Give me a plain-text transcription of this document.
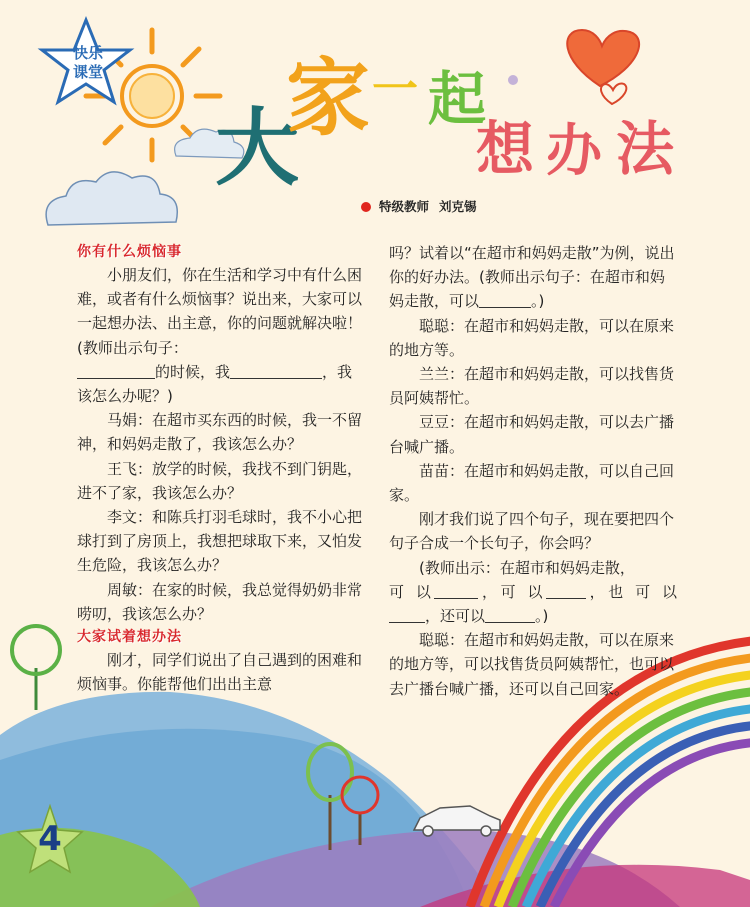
快乐
课堂
大
家 一 起
想 办 法
特级教师 刘克锡
你有什么烦恼事

小朋友们，你在生活和学习中有什么困难，或者有什么烦恼事？说出来，大家可以一起想办法、出主意，你的问题就解决啦！(教师出示句子：

的时候，我	，我

该怎么办呢？)

马娟：在超市买东西的时候，我一不留神，和妈妈走散了，我该怎么办？

王飞：放学的时候，我找不到门钥匙，进不了家，我该怎么办？

李文：和陈兵打羽毛球时，我不小心把球打到了房顶上，我想把球取下来，又怕发生危险，我该怎么办？

周敏：在家的时候，我总觉得奶奶非常唠叨，我该怎么办？

大家试着想办法

刚才，同学们说出了自己遇到的困难和烦恼事。你能帮他们出出主意

吗？试着以“在超市和妈妈走散”为例，说出你的好办法。(教师出示句子：在超市和妈妈走散，可以	。)

聪聪：在超市和妈妈走散，可以在原来的地方等。

兰兰：在超市和妈妈走散，可以找售货员阿姨帮忙。

豆豆：在超市和妈妈走散，可以去广播台喊广播。

苗苗：在超市和妈妈走散，可以自己回家。

刚才我们说了四个句子，现在要把四个句子合成一个长句子，你会吗？

(教师出示：在超市和妈妈走散，

可 以	，可 以	，也 可 以

，还可以	。)

聪聪：在超市和妈妈走散，可以在原来的地方等，可以找售货员阿姨帮忙，也可以去广播台喊广播，还可以自己回家。

4
